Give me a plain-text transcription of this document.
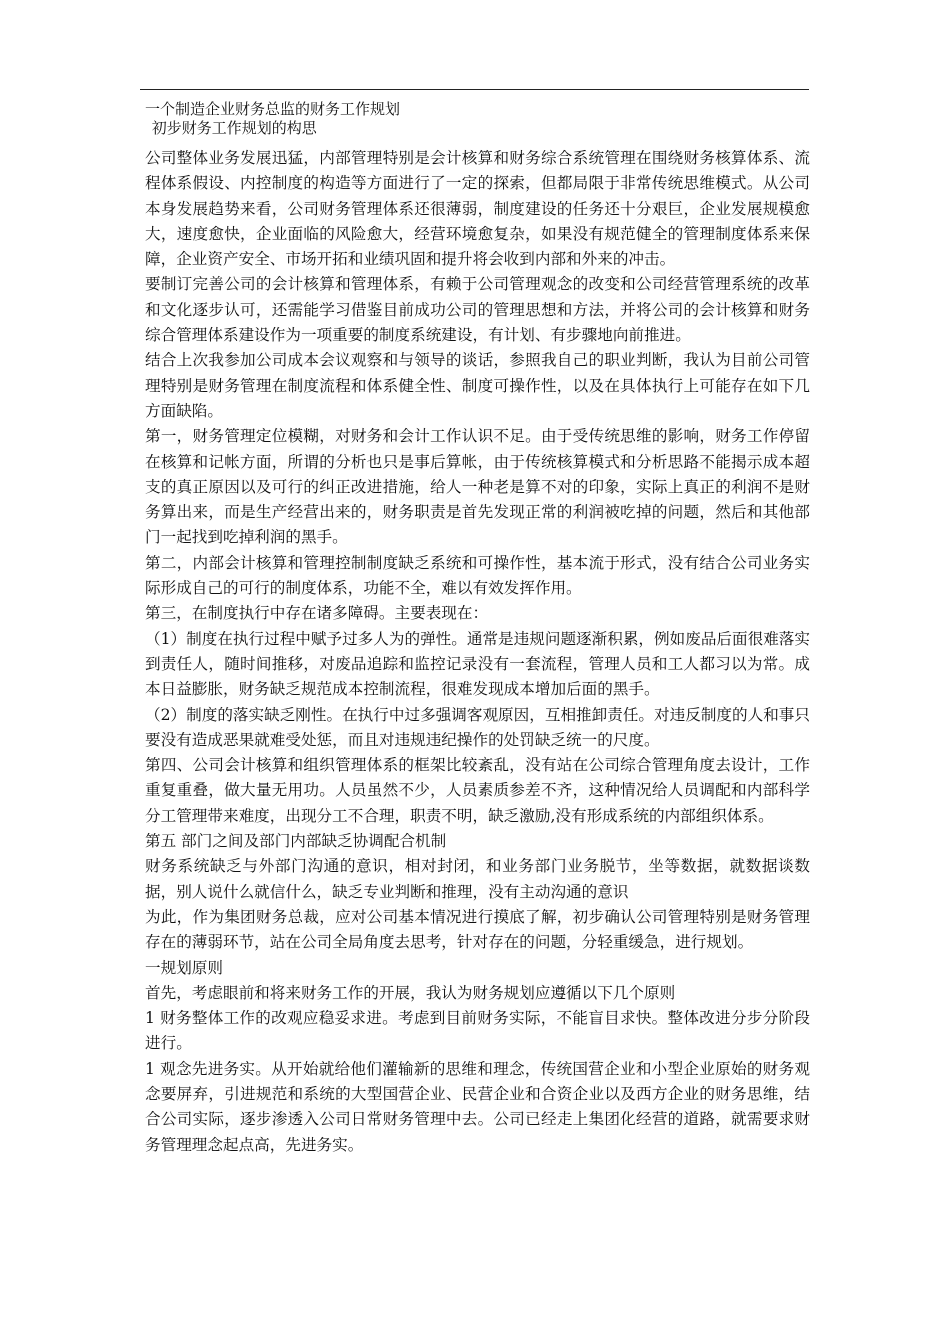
一个制造企业财务总监的财务工作规划

初步财务工作规划的构思

公司整体业务发展迅猛，内部管理特别是会计核算和财务综合系统管理在围绕财务核算体系、流程体系假设、内控制度的构造等方面进行了一定的探索，但都局限于非常传统思维模式。从公司本身发展趋势来看，公司财务管理体系还很薄弱，制度建设的任务还十分艰巨，企业发展规模愈大，速度愈快，企业面临的风险愈大，经营环境愈复杂，如果没有规范健全的管理制度体系来保障，企业资产安全、市场开拓和业绩巩固和提升将会收到内部和外来的冲击。

要制订完善公司的会计核算和管理体系，有赖于公司管理观念的改变和公司经营管理系统的改革和文化逐步认可，还需能学习借鉴目前成功公司的管理思想和方法，并将公司的会计核算和财务综合管理体系建设作为一项重要的制度系统建设，有计划、有步骤地向前推进。

结合上次我参加公司成本会议观察和与领导的谈话，参照我自己的职业判断，我认为目前公司管理特别是财务管理在制度流程和体系健全性、制度可操作性，以及在具体执行上可能存在如下几方面缺陷。

第一，财务管理定位模糊，对财务和会计工作认识不足。由于受传统思维的影响，财务工作停留在核算和记帐方面，所谓的分析也只是事后算帐，由于传统核算模式和分析思路不能揭示成本超支的真正原因以及可行的纠正改进措施，给人一种老是算不对的印象，实际上真正的利润不是财务算出来，而是生产经营出来的，财务职责是首先发现正常的利润被吃掉的问题，然后和其他部门一起找到吃掉利润的黑手。

第二，内部会计核算和管理控制制度缺乏系统和可操作性，基本流于形式，没有结合公司业务实际形成自己的可行的制度体系，功能不全，难以有效发挥作用。

第三，在制度执行中存在诸多障碍。主要表现在：

（1）制度在执行过程中赋予过多人为的弹性。通常是违规问题逐渐积累，例如废品后面很难落实到责任人，随时间推移，对废品追踪和监控记录没有一套流程，管理人员和工人都习以为常。成本日益膨胀，财务缺乏规范成本控制流程，很难发现成本增加后面的黑手。

（2）制度的落实缺乏刚性。在执行中过多强调客观原因，互相推卸责任。对违反制度的人和事只要没有造成恶果就难受处惩，而且对违规违纪操作的处罚缺乏统一的尺度。

第四、公司会计核算和组织管理体系的框架比较紊乱，没有站在公司综合管理角度去设计，工作重复重叠，做大量无用功。人员虽然不少，人员素质参差不齐，这种情况给人员调配和内部科学分工管理带来难度，出现分工不合理，职责不明，缺乏激励,没有形成系统的内部组织体系。

第五 部门之间及部门内部缺乏协调配合机制

财务系统缺乏与外部门沟通的意识，相对封闭，和业务部门业务脱节，坐等数据，就数据谈数据，别人说什么就信什么，缺乏专业判断和推理，没有主动沟通的意识

为此，作为集团财务总裁，应对公司基本情况进行摸底了解，初步确认公司管理特别是财务管理存在的薄弱环节，站在公司全局角度去思考，针对存在的问题，分轻重缓急，进行规划。

一规划原则

首先，考虑眼前和将来财务工作的开展，我认为财务规划应遵循以下几个原则

1 财务整体工作的改观应稳妥求进。考虑到目前财务实际，不能盲目求快。整体改进分步分阶段进行。

1 观念先进务实。从开始就给他们灌输新的思维和理念，传统国营企业和小型企业原始的财务观念要屏弃，引进规范和系统的大型国营企业、民营企业和合资企业以及西方企业的财务思维，结合公司实际，逐步渗透入公司日常财务管理中去。公司已经走上集团化经营的道路，就需要求财务管理理念起点高，先进务实。
